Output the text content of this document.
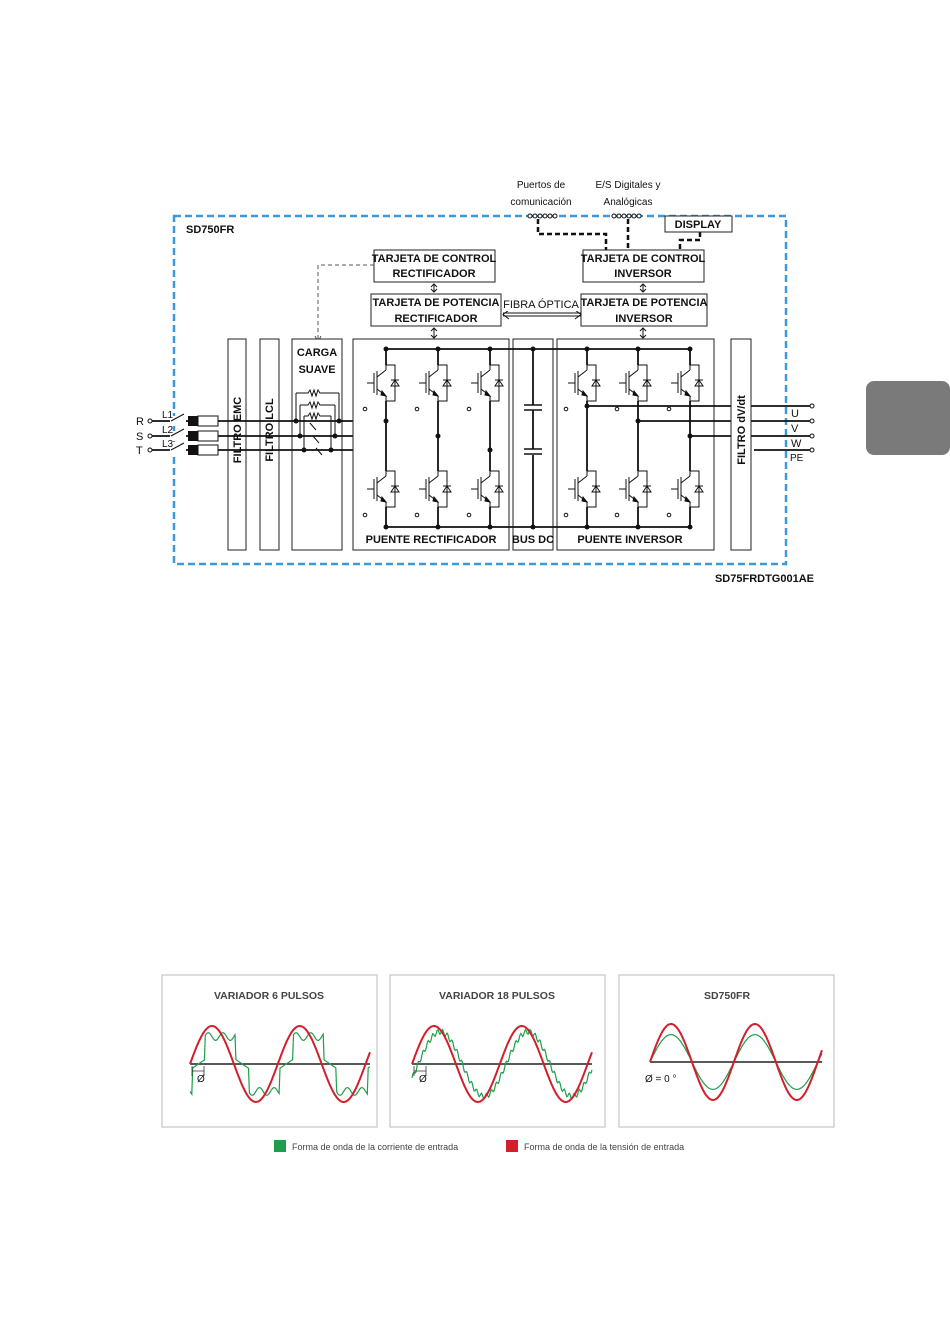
SD750FR
Puertos de
comunicación
E/S Digitales y
Analógicas
DISPLAY
TARJETA DE CONTROL
RECTIFICADOR
TARJETA DE POTENCIA
RECTIFICADOR
TARJETA DE CONTROL
INVERSOR
TARJETA DE POTENCIA
INVERSOR
FIBRA ÓPTICA
FILTRO EMC FILTRO LCL
CARGA
SUAVE
R
S
T
L1
L2
L3
PUENTE RECTIFICADOR BUS DC PUENTE INVERSOR
U
V
W
PE
FILTRO dV/dt
SD75FRDTG001AE
VARIADOR 6 PULSOS	VARIADOR 18 PULSOS	SD750FR
Ø	Ø	Ø = 0 °
Forma de onda de la corriente de entrada	Forma de onda de la tensión de entrada
